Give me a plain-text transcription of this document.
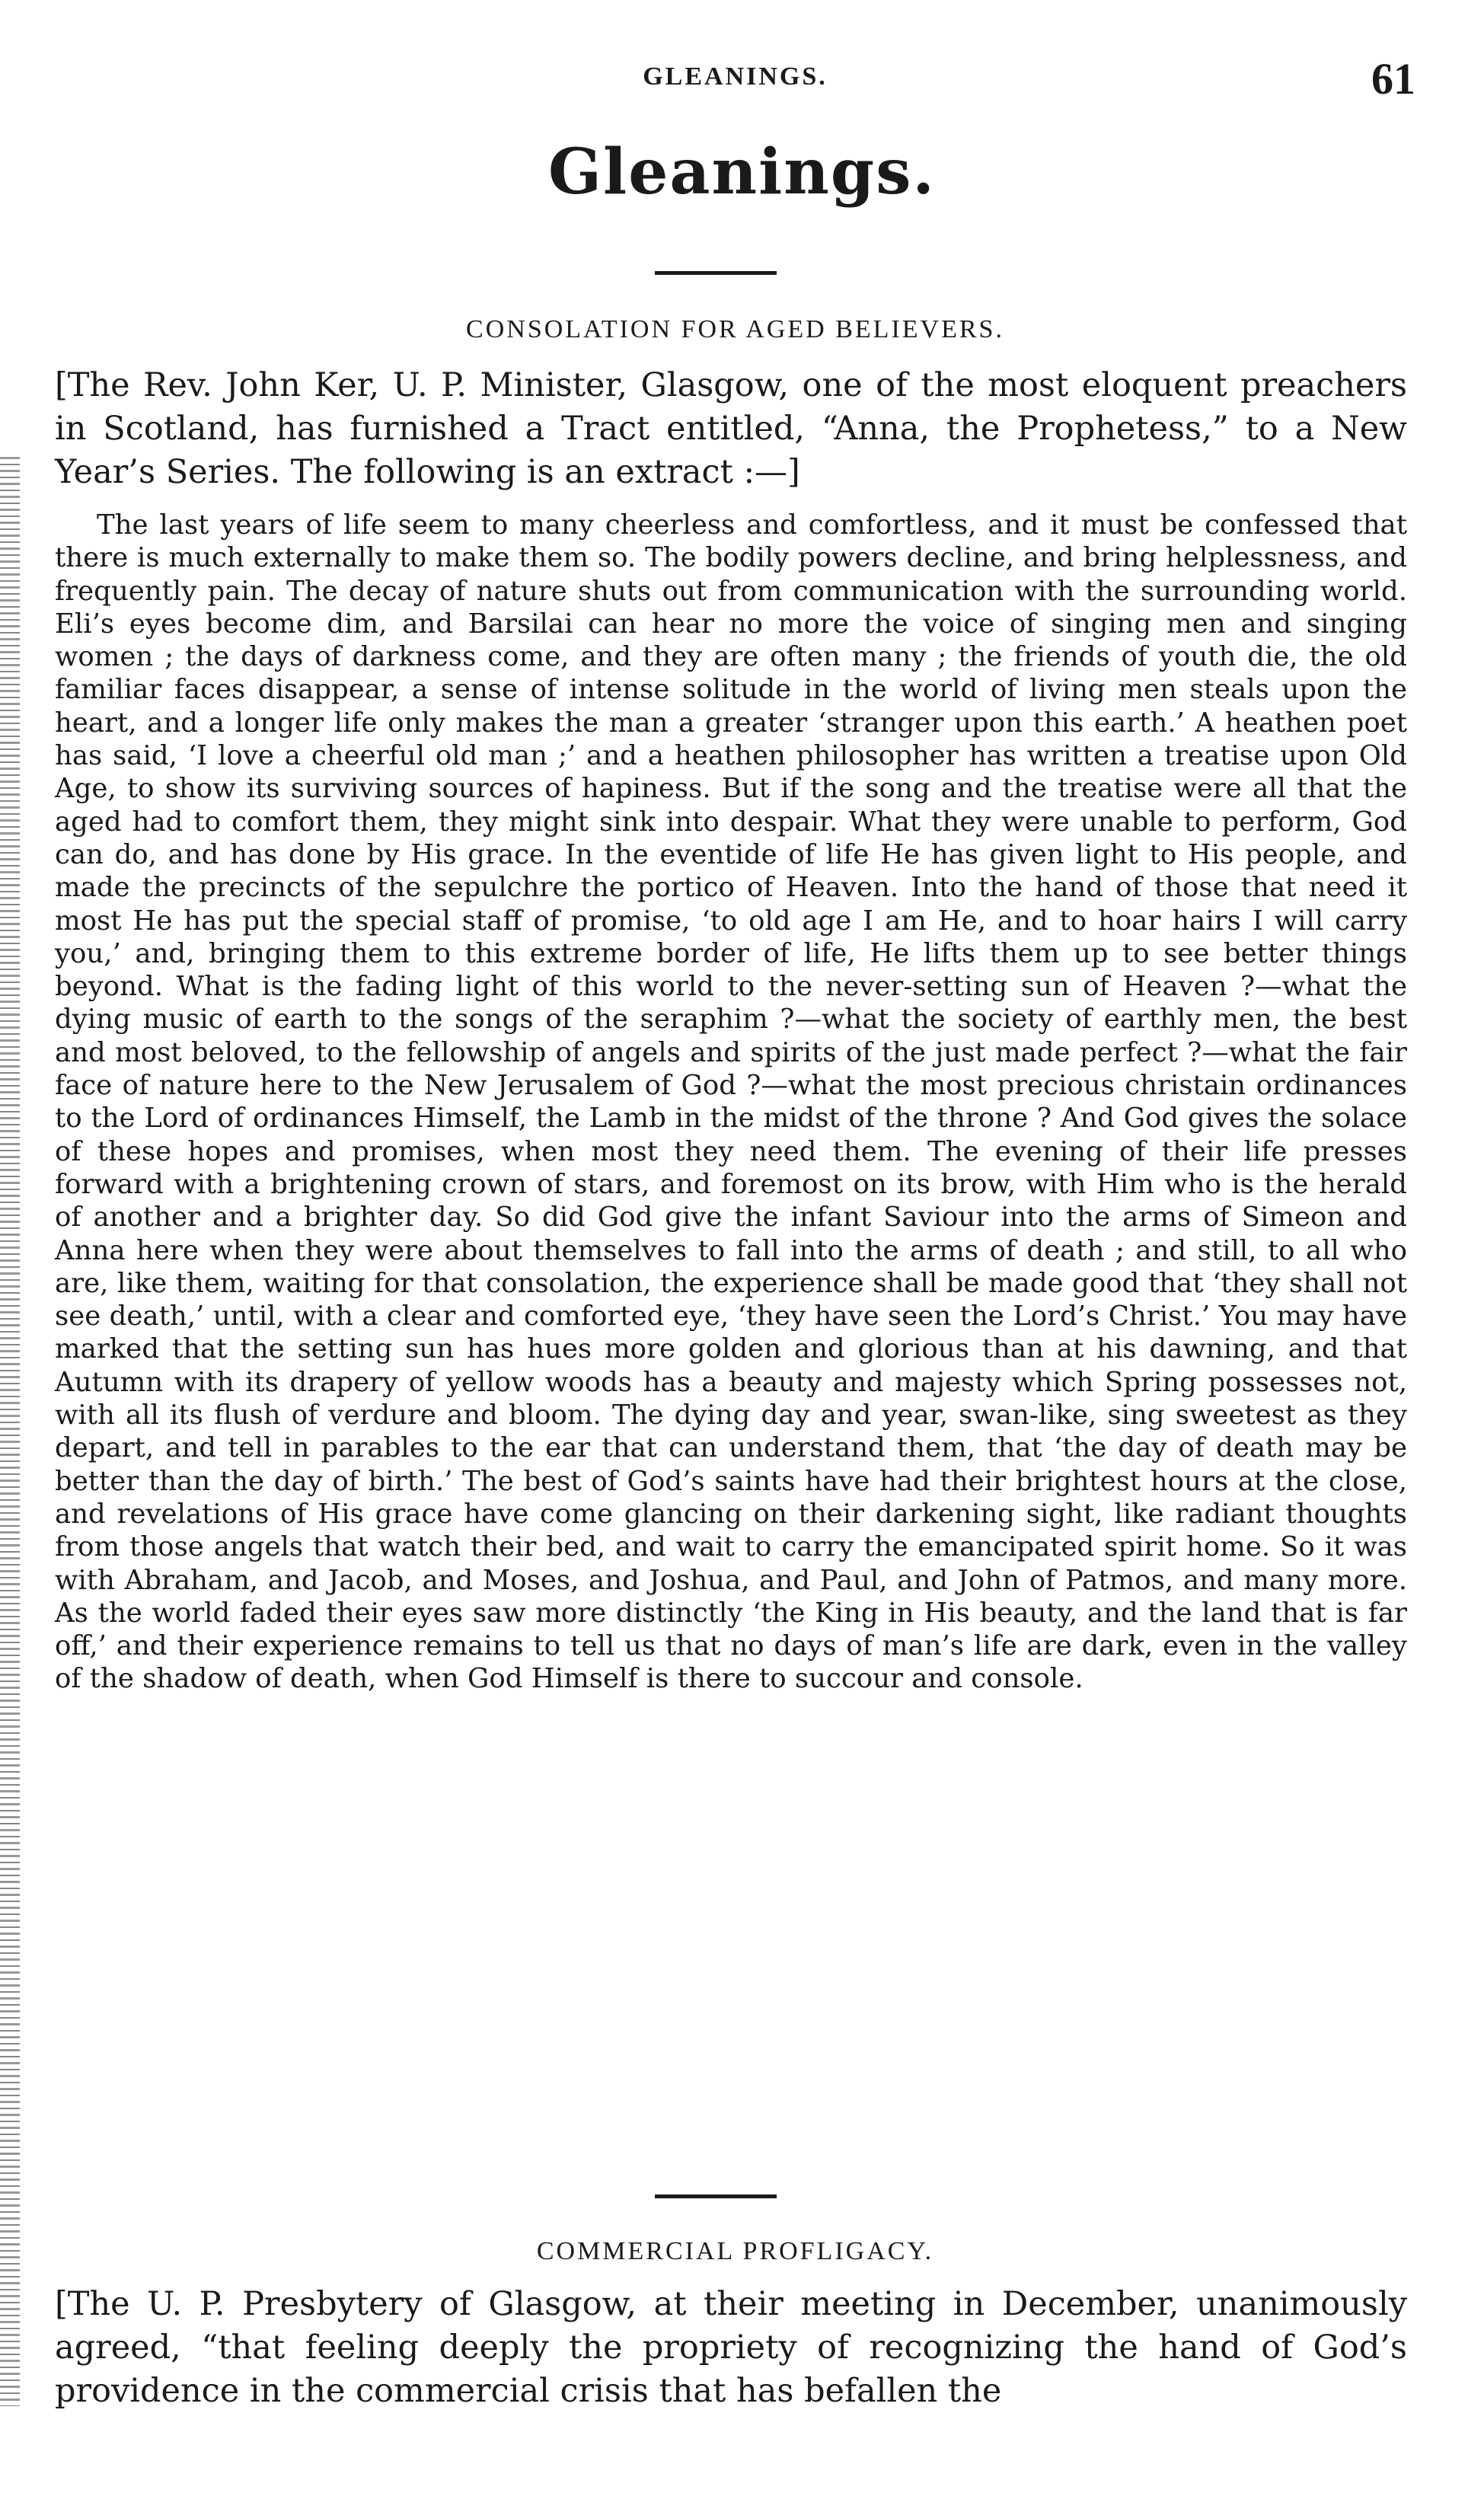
GLEANINGS.	61
Gleanings.
CONSOLATION FOR AGED BELIEVERS.

[The Rev. John Ker, U. P. Minister, Glasgow, one of the most eloquent preachers in Scotland, has furnished a Tract entitled, “Anna, the Prophetess,” to a New Year’s Series. The following is an extract :—]

The last years of life seem to many cheerless and comfortless, and it must be confessed that there is much externally to make them so. The bodily powers decline, and bring helplessness, and frequently pain. The decay of nature shuts out from communication with the surrounding world. Eli’s eyes become dim, and Barsilai can hear no more the voice of singing men and singing women ; the days of darkness come, and they are often many ; the friends of youth die, the old familiar faces disappear, a sense of intense solitude in the world of living men steals upon the heart, and a longer life only makes the man a greater ‘stranger upon this earth.’ A heathen poet has said, ‘I love a cheerful old man ;’ and a heathen philosopher has written a treatise upon Old Age, to show its surviving sources of hapiness. But if the song and the treatise were all that the aged had to comfort them, they might sink into despair. What they were unable to perform, God can do, and has done by His grace. In the eventide of life He has given light to His people, and made the precincts of the sepulchre the portico of Heaven. Into the hand of those that need it most He has put the special staff of promise, ‘to old age I am He, and to hoar hairs I will carry you,’ and, bringing them to this extreme border of life, He lifts them up to see better things beyond. What is the fading light of this world to the never-setting sun of Heaven ?—what the dying music of earth to the songs of the seraphim ?—what the society of earthly men, the best and most beloved, to the fellowship of angels and spirits of the just made perfect ?—what the fair face of nature here to the New Jerusalem of God ?—what the most precious christain ordinances to the Lord of ordinances Himself, the Lamb in the midst of the throne ? And God gives the solace of these hopes and promises, when most they need them. The evening of their life presses forward with a brightening crown of stars, and foremost on its brow, with Him who is the herald of another and a brighter day. So did God give the infant Saviour into the arms of Simeon and Anna here when they were about themselves to fall into the arms of death ; and still, to all who are, like them, waiting for that consolation, the experience shall be made good that ‘they shall not see death,’ until, with a clear and comforted eye, ‘they have seen the Lord’s Christ.’ You may have marked that the setting sun has hues more golden and glorious than at his dawning, and that Autumn with its drapery of yellow woods has a beauty and majesty which Spring possesses not, with all its flush of verdure and bloom. The dying day and year, swan-like, sing sweetest as they depart, and tell in parables to the ear that can understand them, that ‘the day of death may be better than the day of birth.’ The best of God’s saints have had their brightest hours at the close, and revelations of His grace have come glancing on their darkening sight, like radiant thoughts from those angels that watch their bed, and wait to carry the emancipated spirit home. So it was with Abraham, and Jacob, and Moses, and Joshua, and Paul, and John of Patmos, and many more. As the world faded their eyes saw more distinctly ‘the King in His beauty, and the land that is far off,’ and their experience remains to tell us that no days of man’s life are dark, even in the valley of the shadow of death, when God Himself is there to succour and console.

COMMERCIAL PROFLIGACY.

[The U. P. Presbytery of Glasgow, at their meeting in December, unanimously agreed, “that feeling deeply the propriety of recognizing the hand of God’s providence in the commercial crisis that has befallen the
